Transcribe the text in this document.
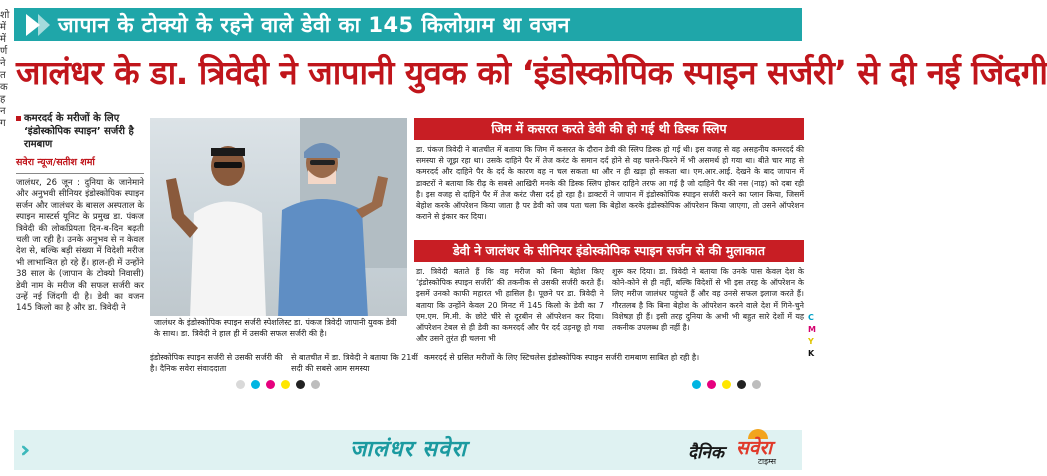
शो में में र्ण ने त क ह न ग
जापान के टोक्यो के रहने वाले डेवी का 145 किलोग्राम था वजन
जालंधर के डा. त्रिवेदी ने जापानी युवक को ‘इंडोस्कोपिक स्पाइन सर्जरी’ से दी नई जिंदगी
कमरदर्द के मरीजों के लिए ‘इंडोस्कोपिक स्पाइन’ सर्जरी है रामबाण
सवेरा न्यूज/सतीश शर्मा
जालंधर, 26 जून : दुनिया के जानेमाने और अनुभवी सीनियर इंडोस्कोपिक स्पाइन सर्जन और जालंधर के बासल अस्पताल के स्पाइन मास्टर्स यूनिट के प्रमुख डा. पंकज त्रिवेदी की लोकप्रियता दिन-ब-दिन बढ़ती चली जा रही है। उनके अनुभव से न केवल देश से, बल्कि बड़ी संख्या में विदेशी मरीज भी लाभान्वित हो रहे हैं। हाल-ही में उन्होंने 38 साल के (जापान के टोक्यो निवासी) डेवी नाम के मरीज की सफल सर्जरी कर उन्हें नई जिंदगी दी है। डेवी का वजन 145 किलो का है और डा. त्रिवेदी ने
जालंधर के इंडोस्कोपिक स्पाइन सर्जरी स्पेशलिस्ट डा. पंकज त्रिवेदी जापानी युवक डेवी के साथ। डा. त्रिवेदी ने हाल ही में उसकी सफल सर्जरी की है।
जिम में कसरत करते डेवी की हो गई थी डिस्क स्लिप
डा. पंकज त्रिवेदी ने बातचीत में बताया कि जिम में कसरत के दौरान डेवी की स्लिप डिस्क हो गई थी। इस वजह से वह असहनीय कमरदर्द की समस्या से जूझ रहा था। उसके दाहिने पैर में तेज करंट के समान दर्द होने से वह चलने-फिरने में भी असमर्थ हो गया था। बीते चार माह से कमरदर्द और दाहिने पैर के दर्द के कारण वह न चल सकता था और न ही खड़ा हो सकता था। एम.आर.आई. देखने के बाद जापान में डाक्टरों ने बताया कि रीढ़ के सबसे आखिरी मनके की डिस्क स्लिप होकर दाहिने तरफ आ गई है जो दाहिने पैर की नस (नाड़) को दबा रही है। इस वजह से दाहिने पैर में तेज करंट जैसा दर्द हो रहा है। डाक्टरों ने जापान में इंडोस्कोपिक स्पाइन सर्जरी करने का प्लान किया, जिसमें बेहोश करके ऑपरेशन किया जाता है पर डेवी को जब पता चला कि बेहोश करके इंडोस्कोपिक ऑपरेशन किया जाएगा, तो उसने ऑपरेशन कराने से इंकार कर दिया।
डेवी ने जालंधर के सीनियर इंडोस्कोपिक स्पाइन सर्जन से की मुलाकात
डा. त्रिवेदी बताते हैं कि वह मरीज को बिना बेहोश किए ‘इंडोस्कोपिक स्पाइन सर्जरी’ की तकनीक से उसकी सर्जरी करते हैं। इसमें उनको काफी महारत भी हासिल है। पूछने पर डा. त्रिवेदी ने बताया कि उन्होंने केवल 20 मिनट में 145 किलो के डेवी का 7 एम.एम. मि.मी. के छोटे चीरे से दूरबीन से ऑपरेशन कर दिया। ऑपरेशन टेबल से ही डेवी का कमरदर्द और पैर दर्द उड़नछू हो गया और उसने तुरंत ही चलना भी
शुरू कर दिया। डा. त्रिवेदी ने बताया कि उनके पास केवल देश के कोने-कोने से ही नहीं, बल्कि विदेशों से भी इस तरह के ऑपरेशन के लिए मरीज जालंधर पहुंचते हैं और वह उनसे सफल इलाज करते हैं। गौरतलब है कि बिना बेहोश के ऑपरेशन करने वाले देश में गिने-चुने विशेषज्ञ ही हैं। इसी तरह दुनिया के अभी भी बहुत सारे देशों में यह तकनीक उपलब्ध ही नहीं है।
इंडोस्कोपिक स्पाइन सर्जरी से उसकी सर्जरी की है। दैनिक सवेरा संवाददाता
से बातचीत में डा. त्रिवेदी ने बताया कि 21वीं सदी की सबसे आम समस्या
कमरदर्द से ग्रसित मरीजों के लिए स्टिचलेस इंडोस्कोपिक स्पाइन सर्जरी रामबाण साबित हो रही है।
C
M
Y
K
›››	जालंधर सवेरा	दैनिक सवेरा
टाइम्स
